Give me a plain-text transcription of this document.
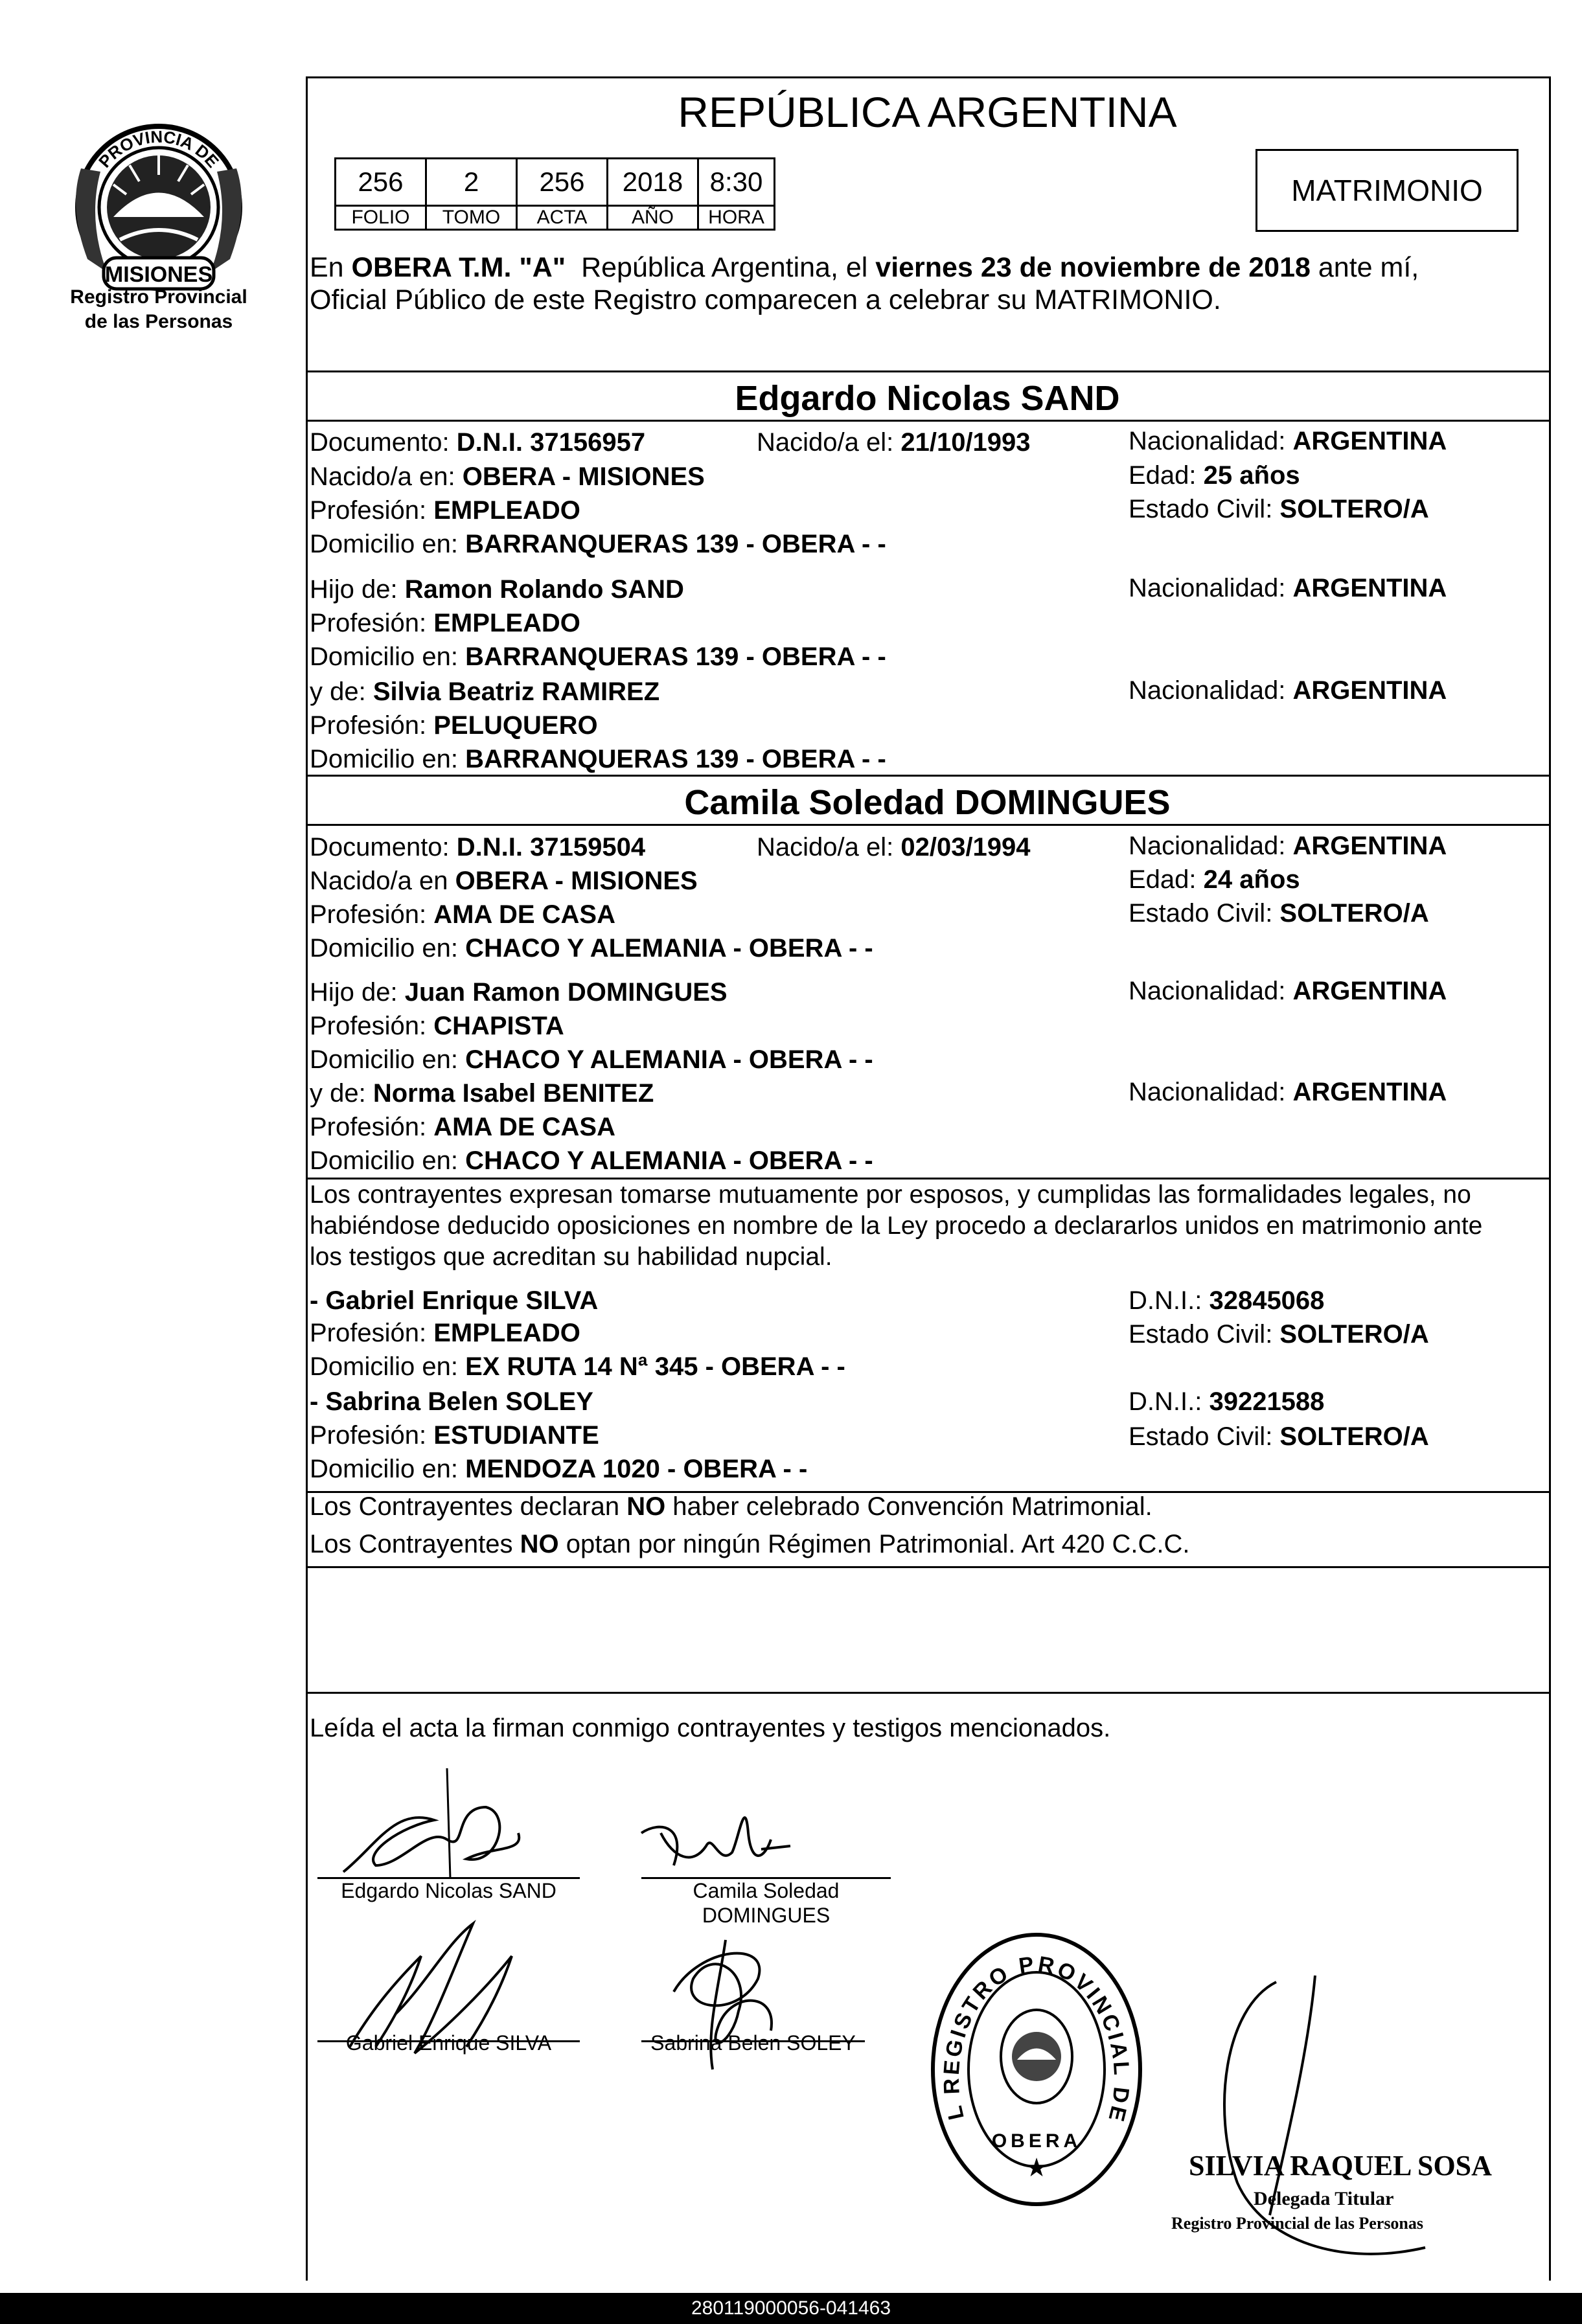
PROVINCIA DE
MISIONES
Registro Provincial
de las Personas
REPÚBLICA ARGENTINA
256	2	256	2018	8:30
FOLIO	TOMO	ACTA	AÑO	HORA
MATRIMONIO
En OBERA T.M. "A"  República Argentina, el viernes 23 de noviembre de 2018 ante mí,
Oficial Público de este Registro comparecen a celebrar su MATRIMONIO.
Edgardo Nicolas SAND
Documento: D.N.I. 37156957	Nacido/a el: 21/10/1993	Nacionalidad: ARGENTINA
Nacido/a en: OBERA - MISIONES	Edad: 25 años
Profesión: EMPLEADO	Estado Civil: SOLTERO/A
Domicilio en: BARRANQUERAS 139 - OBERA - -
Hijo de: Ramon Rolando SAND	Nacionalidad: ARGENTINA
Profesión: EMPLEADO
Domicilio en: BARRANQUERAS 139 - OBERA - -
y de: Silvia Beatriz RAMIREZ	Nacionalidad: ARGENTINA
Profesión: PELUQUERO
Domicilio en: BARRANQUERAS 139 - OBERA - -
Camila Soledad DOMINGUES
Documento: D.N.I. 37159504	Nacido/a el: 02/03/1994	Nacionalidad: ARGENTINA
Nacido/a en OBERA - MISIONES	Edad: 24 años
Profesión: AMA DE CASA	Estado Civil: SOLTERO/A
Domicilio en: CHACO Y ALEMANIA - OBERA - -
Hijo de: Juan Ramon DOMINGUES	Nacionalidad: ARGENTINA
Profesión: CHAPISTA
Domicilio en: CHACO Y ALEMANIA - OBERA - -
y de: Norma Isabel BENITEZ	Nacionalidad: ARGENTINA
Profesión: AMA DE CASA
Domicilio en: CHACO Y ALEMANIA - OBERA - -
Los contrayentes expresan tomarse mutuamente por esposos, y cumplidas las formalidades legales, no
habiéndose deducido oposiciones en nombre de la Ley procedo a declararlos unidos en matrimonio ante
los testigos que acreditan su habilidad nupcial.
- Gabriel Enrique SILVA	D.N.I.: 32845068
Profesión: EMPLEADO	Estado Civil: SOLTERO/A
Domicilio en: EX RUTA 14 Nª 345 - OBERA - -
- Sabrina Belen SOLEY	D.N.I.: 39221588
Profesión: ESTUDIANTE	Estado Civil: SOLTERO/A
Domicilio en: MENDOZA 1020 - OBERA - -
Los Contrayentes declaran NO haber celebrado Convención Matrimonial.
Los Contrayentes NO optan por ningún Régimen Patrimonial. Art 420 C.C.C.
Leída el acta la firman conmigo contrayentes y testigos mencionados.
Edgardo Nicolas SAND	Camila Soledad
DOMINGUES
Gabriel Enrique SILVA	Sabrina Belen SOLEY
DELEGACION DEL REGISTRO PROVINCIAL DE LAS PERSONAS
OBERA
★	SILVIA RAQUEL SOSA
Delegada Titular
Registro Provincial de las Personas
280119000056-041463
